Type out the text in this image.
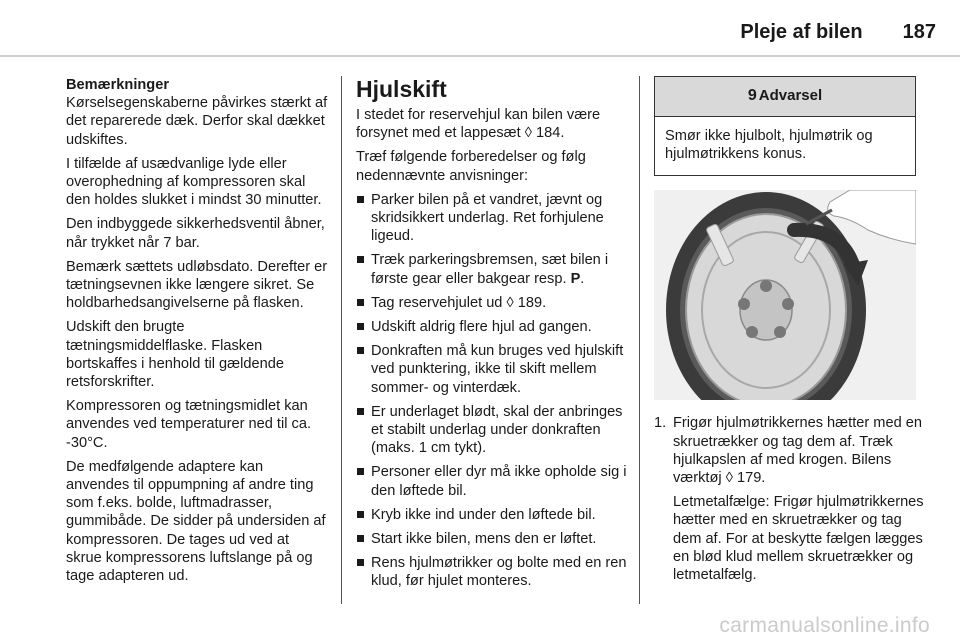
Pleje af bilen 187
Bemærkninger

Kørselsegenskaberne påvirkes stærkt af det reparerede dæk. Derfor skal dækket udskiftes.

I tilfælde af usædvanlige lyde eller overophedning af kompressoren skal den holdes slukket i mindst 30 minutter.

Den indbyggede sikkerhedsventil åbner, når trykket når 7 bar.

Bemærk sættets udløbsdato. Derefter er tætningsevnen ikke længere sikret. Se holdbarhedsangivelserne på flasken.

Udskift den brugte tætningsmiddelflaske. Flasken bortskaffes i henhold til gældende retsforskrifter.

Kompressoren og tætningsmidlet kan anvendes ved temperaturer ned til ca. -30°C.

De medfølgende adaptere kan anvendes til oppumpning af andre ting som f.eks. bolde, luftmadrasser, gummibåde. De sidder på undersiden af kompressoren. De tages ud ved at skrue kompressorens luftslange på og tage adapteren ud.

Hjulskift

I stedet for reservehjul kan bilen være forsynet med et lappesæt ◊ 184.

Træf følgende forberedelser og følg nedennævnte anvisninger:

Parker bilen på et vandret, jævnt og skridsikkert underlag. Ret forhjulene ligeud.
Træk parkeringsbremsen, sæt bilen i første gear eller bakgear resp. P.
Tag reservehjulet ud ◊ 189.
Udskift aldrig flere hjul ad gangen.
Donkraften må kun bruges ved hjulskift ved punktering, ikke til skift mellem sommer- og vinterdæk.
Er underlaget blødt, skal der anbringes et stabilt underlag under donkraften (maks. 1 cm tykt).
Personer eller dyr må ikke opholde sig i den løftede bil.
Kryb ikke ind under den løftede bil.
Start ikke bilen, mens den er løftet.
Rens hjulmøtrikker og bolte med en ren klud, før hjulet monteres.
9 Advarsel
Smør ikke hjulbolt, hjulmøtrik og hjulmøtrikkens konus.
1. Frigør hjulmøtrikkernes hætter med en skruetrækker og tag dem af. Træk hjulkapslen af med krogen. Bilens værktøj ◊ 179.

Letmetalfælge: Frigør hjulmøtrikkernes hætter med en skruetrækker og tag dem af. For at beskytte fælgen lægges en blød klud mellem skruetrækker og letmetalfælg.

carmanualsonline.info
